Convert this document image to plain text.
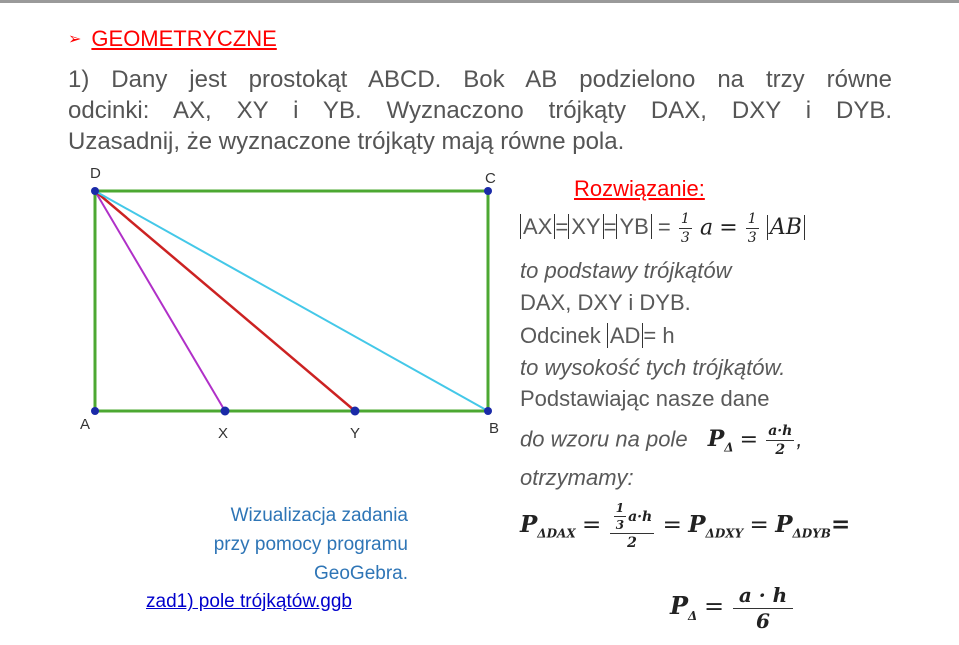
➢ GEOMETRYCZNE
1) Dany jest prostokąt ABCD. Bok AB podzielono na trzy równe
odcinki: AX, XY i YB. Wyznaczono trójkąty DAX, DXY i DYB.
Uzasadnij, że wyznaczone trójkąty mają równe pola.
D	C
A
X	Y	B
Wizualizacja zadania
przy pomocy programu
GeoGebra.
zad1) pole trójkątów.ggb
Rozwiązanie:
AX = XY = YB = $\frac{1}{3}$ $a = \frac{1}{3}$ AB
to podstawy trójkątów
DAX, DXY i DYB.
Odcinek AD = h
to wysokość tych trójkątów.
Podstawiając nasze dane
do wzoru na pole $P_\Delta = \frac{a\cdot h}{2}$ ,
otrzymamy:
$P_{\Delta DAX} = \frac{\frac{1}{3} a\cdot h}{2} = P_{\Delta DXY} = P_{\Delta DYB}=$
$P_\Delta = \frac{a \cdot h}{6}$
